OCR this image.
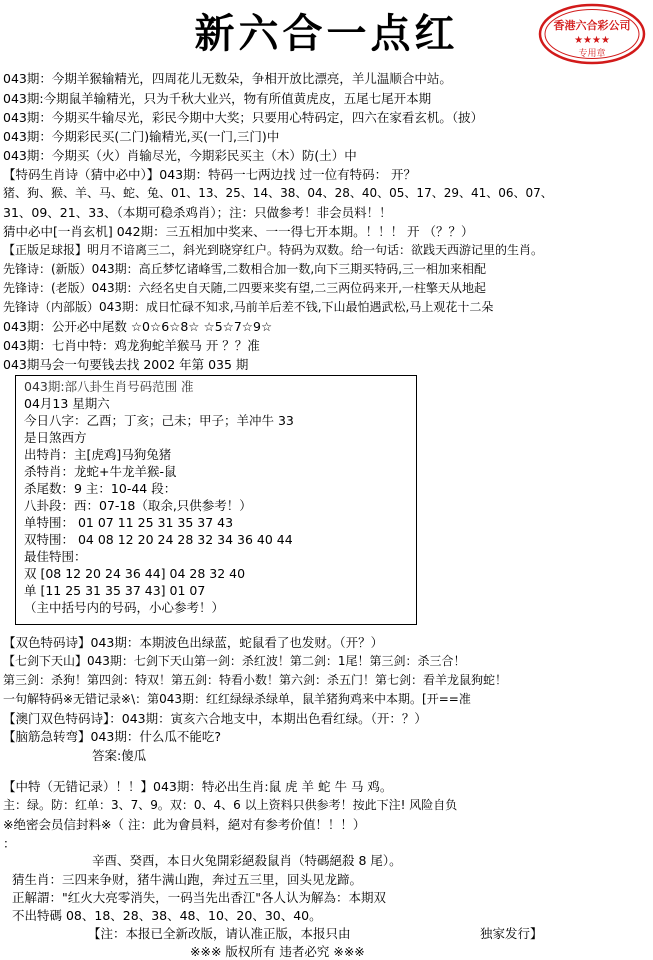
新六合一点红	香港六合彩公司
★★★★
专用章
043期：今期羊猴输精光，四周花儿无数朵，争相开放比漂亮，羊儿温顺合中站。
043期:今期鼠羊输精光，只为千秋大业兴，物有所值黄虎皮，五尾七尾开本期
043期：今期买牛输尽光，彩民今期中大奖；只要用心特码定，四六在家看玄机。（披）
043期：今期彩民买(二门)输精光,买(一门,三门)中
043期：今期买（火）肖输尽光，今期彩民买主（木）防(土）中
【特码生肖诗（猜中必中）】043期：特码一七两边找 过一位有特码： 开？
猪、狗、猴、羊、马、蛇、兔、01、13、25、14、38、04、28、40、05、17、29、41、06、07、
31、09、21、33、（本期可稳杀鸡肖）；注：只做参考！非会员料！！
猜中必中[一肖玄机] 042期：三五相加中奖来、一一得七开本期。！！！ 开 （？？）
【正版足球报】明月不谙离三二，斜光到晓穿红户。特码为双数。给一句话：欲践天西游记里的生肖。
先锋诗：(新版）043期：高丘梦忆诸峰雪,二数相合加一数,向下三期买特码,三一相加来相配
先锋诗：(老版）043期：六经名史自天随,二四要来奖有望,二三两位码来开,一柱擎天从地起
先锋诗（内部版）043期：成日忙碌不知求,马前羊后差不钱,下山最怕遇武松,马上观花十二朵
043期：公开必中尾数 ☆0☆6☆8☆ ☆5☆7☆9☆
043期：七肖中特：鸡龙狗蛇羊猴马 开 ？？准
043期马会一句要钱去找 2002 年第 035 期
043期:部八卦生肖号码范围 准
04月13 星期六
今日八字：乙酉；丁亥；己未；甲子；羊冲牛 33
是日煞西方
出特肖：主[虎鸡]马狗兔猪
杀特肖：龙蛇+牛龙羊猴-鼠
杀尾数：9 主：10-44 段：
八卦段：西：07-18（取余,只供参考！）
单特围： 01 07 11 25 31 35 37 43
双特围： 04 08 12 20 24 28 32 34 36 40 44
最佳特围：
双 [08 12 20 24 36 44] 04 28 32 40
单 [11 25 31 35 37 43] 01 07
（主中括号内的号码，小心参考！）
【双色特码诗】043期：本期波色出绿蓝，蛇鼠看了也发财。（开？）
【七剑下天山】043期：七剑下天山第一剑：杀红波！第二剑：1尾！第三剑：杀三合！
第三剑：杀狗！第四剑：特双！第五剑：特看小数！第六剑：杀五门！第七剑：看羊龙鼠狗蛇！
一句解特码※无错记录※\：第043期：红红绿绿杀绿单，鼠羊猪狗鸡来中本期。[开==准
【澳门双色特码诗】：043期：寅亥六合地支中，本期出色看红绿。（开：？）
【脑筋急转弯】043期：什么瓜不能吃?
答案:傻瓜
【中特（无错记录）！！】043期：特必出生肖:鼠 虎 羊 蛇 牛 马 鸡。
主：绿。防：红单：3、7、9。双：0、4、6 以上资料只供参考！按此下注! 风险自负
※绝密会员信封料※（ 注：此为會員料，絕对有参考价值！！！）
：
辛酉、癸酉，本日火兔開彩絕殺鼠肖（特碼絕殺 8 尾）。
猜生肖：三四来争财，猪牛满山跑，奔过五三里，回头见龙蹄。
正解謂："红火大亮零消失，一码当先出香江"各人认为解為：本期双
不出特碼 08、18、28、38、48、10、20、30、40。
【注：本报已全新改版，请认准正版，本报只由	独家发行】
※※※ 版权所有 违者必究 ※※※
